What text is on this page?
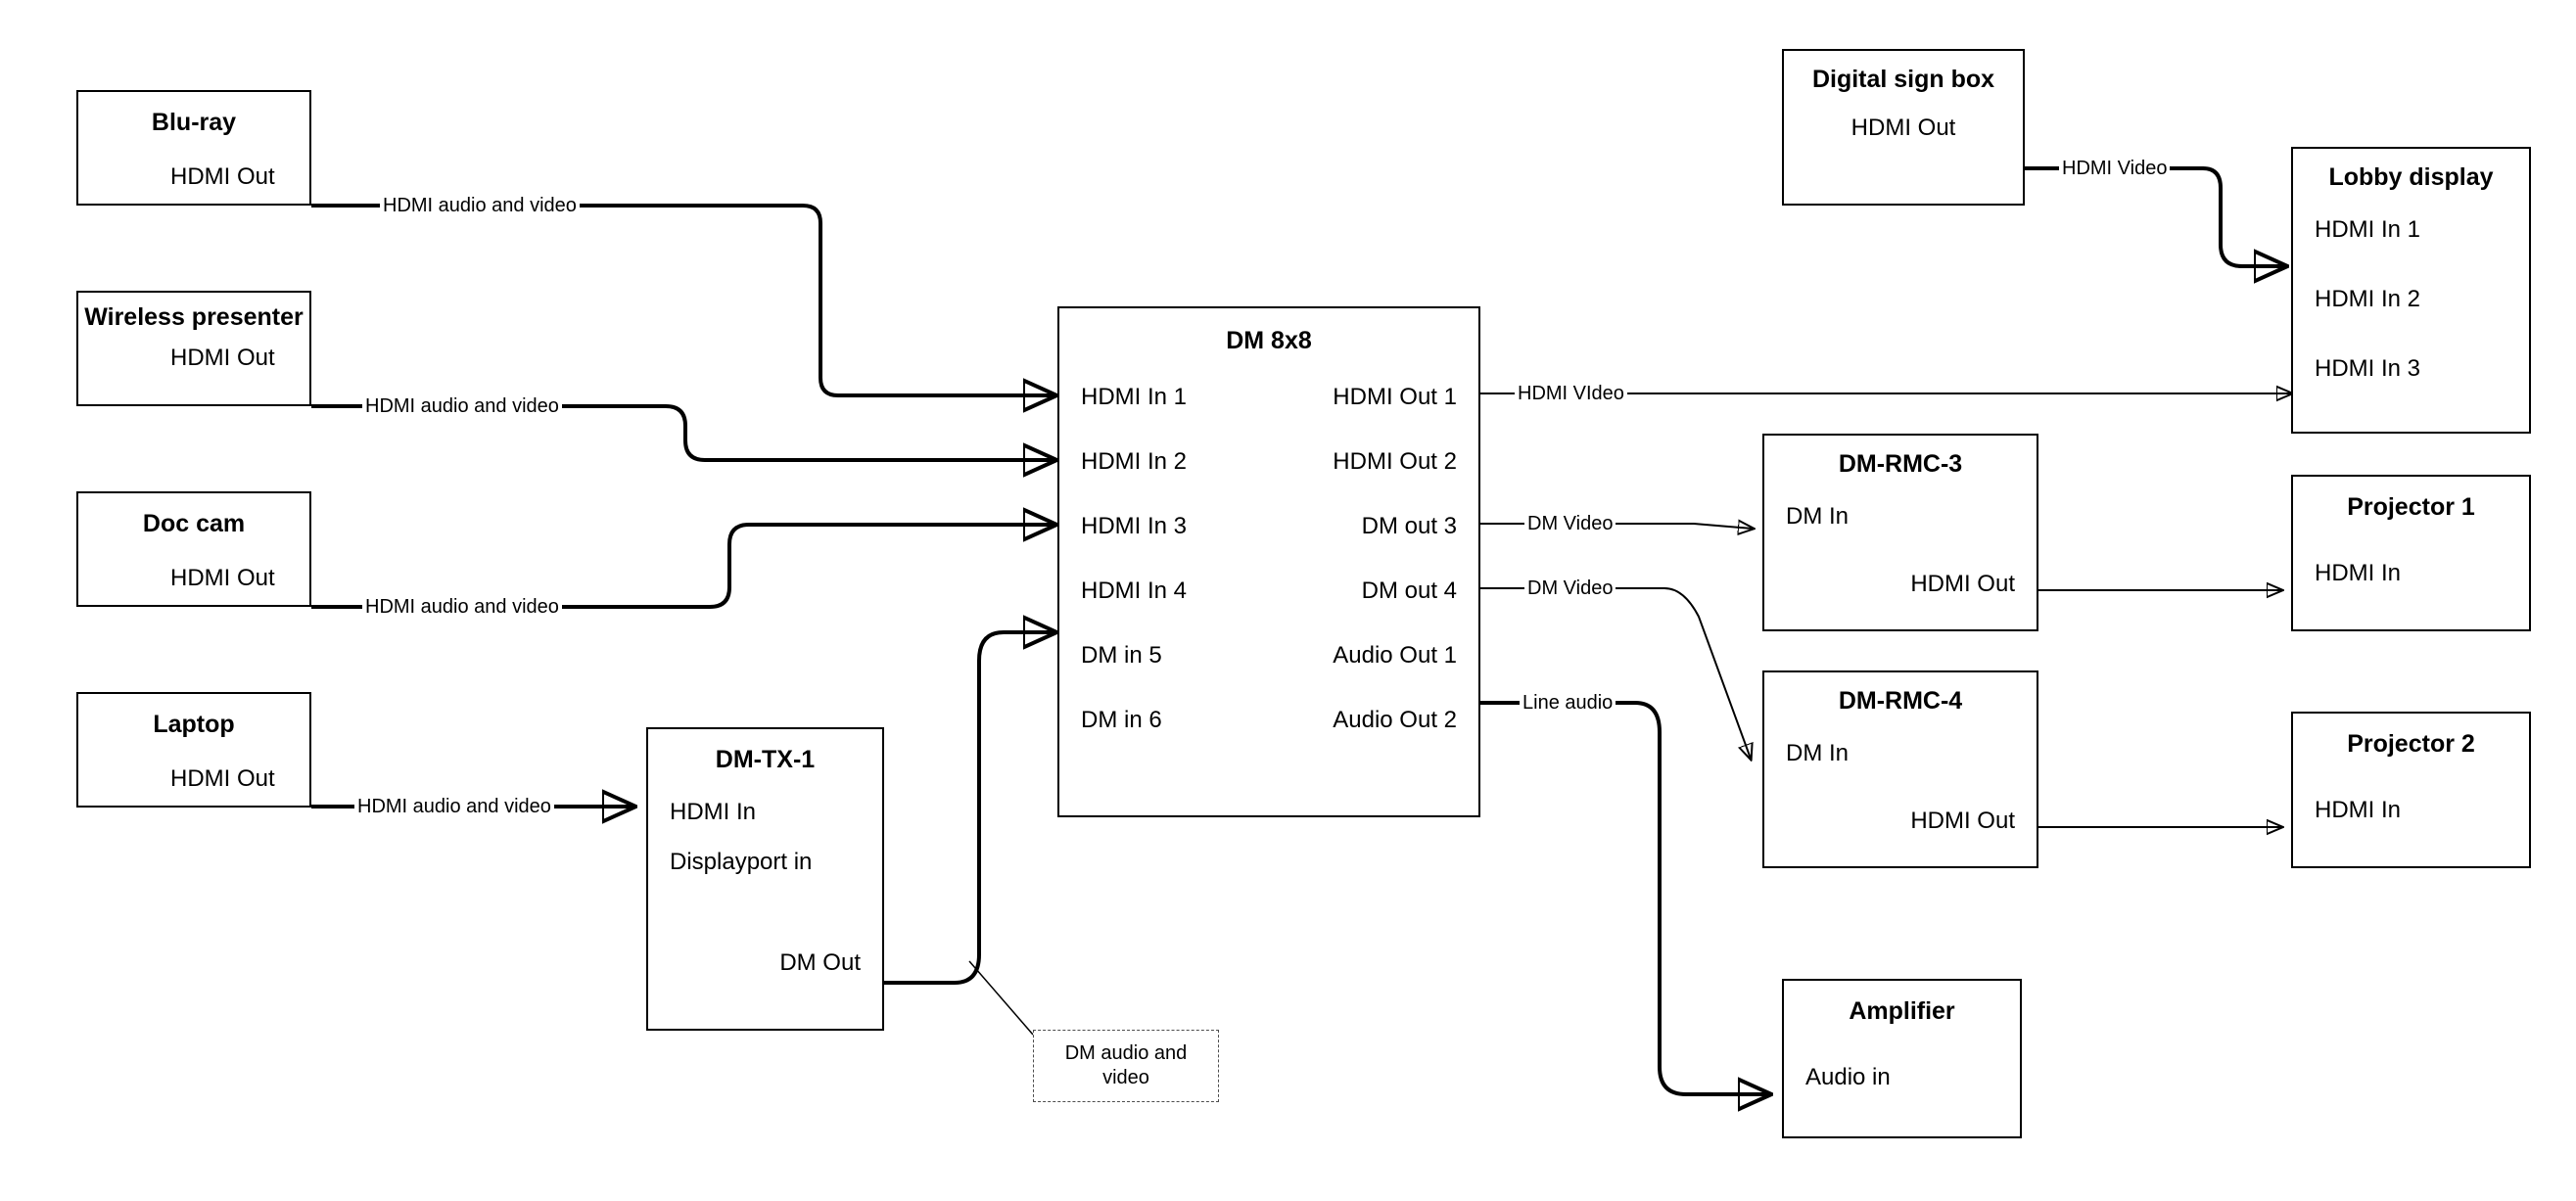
Blu-ray
HDMI Out
Wireless presenter
HDMI Out
Doc cam
HDMI Out
Laptop
HDMI Out
DM-TX-1
HDMI In
Displayport in
DM Out
DM 8x8
HDMI In 1
HDMI In 2
HDMI In 3
HDMI In 4
DM in 5
DM in 6
HDMI Out 1
HDMI Out 2
DM out 3
DM out 4
Audio Out 1
Audio Out 2
Digital sign box
HDMI Out
Lobby display
HDMI In 1
HDMI In 2
HDMI In 3
DM-RMC-3
DM In
HDMI Out
DM-RMC-4
DM In
HDMI Out
Projector 1
HDMI In
Projector 2
HDMI In
Amplifier
Audio in
HDMI audio and video
HDMI audio and video
HDMI audio and video
HDMI audio and video
HDMI Video
HDMI VIdeo
DM Video
DM Video
Line audio
DM audio and video
